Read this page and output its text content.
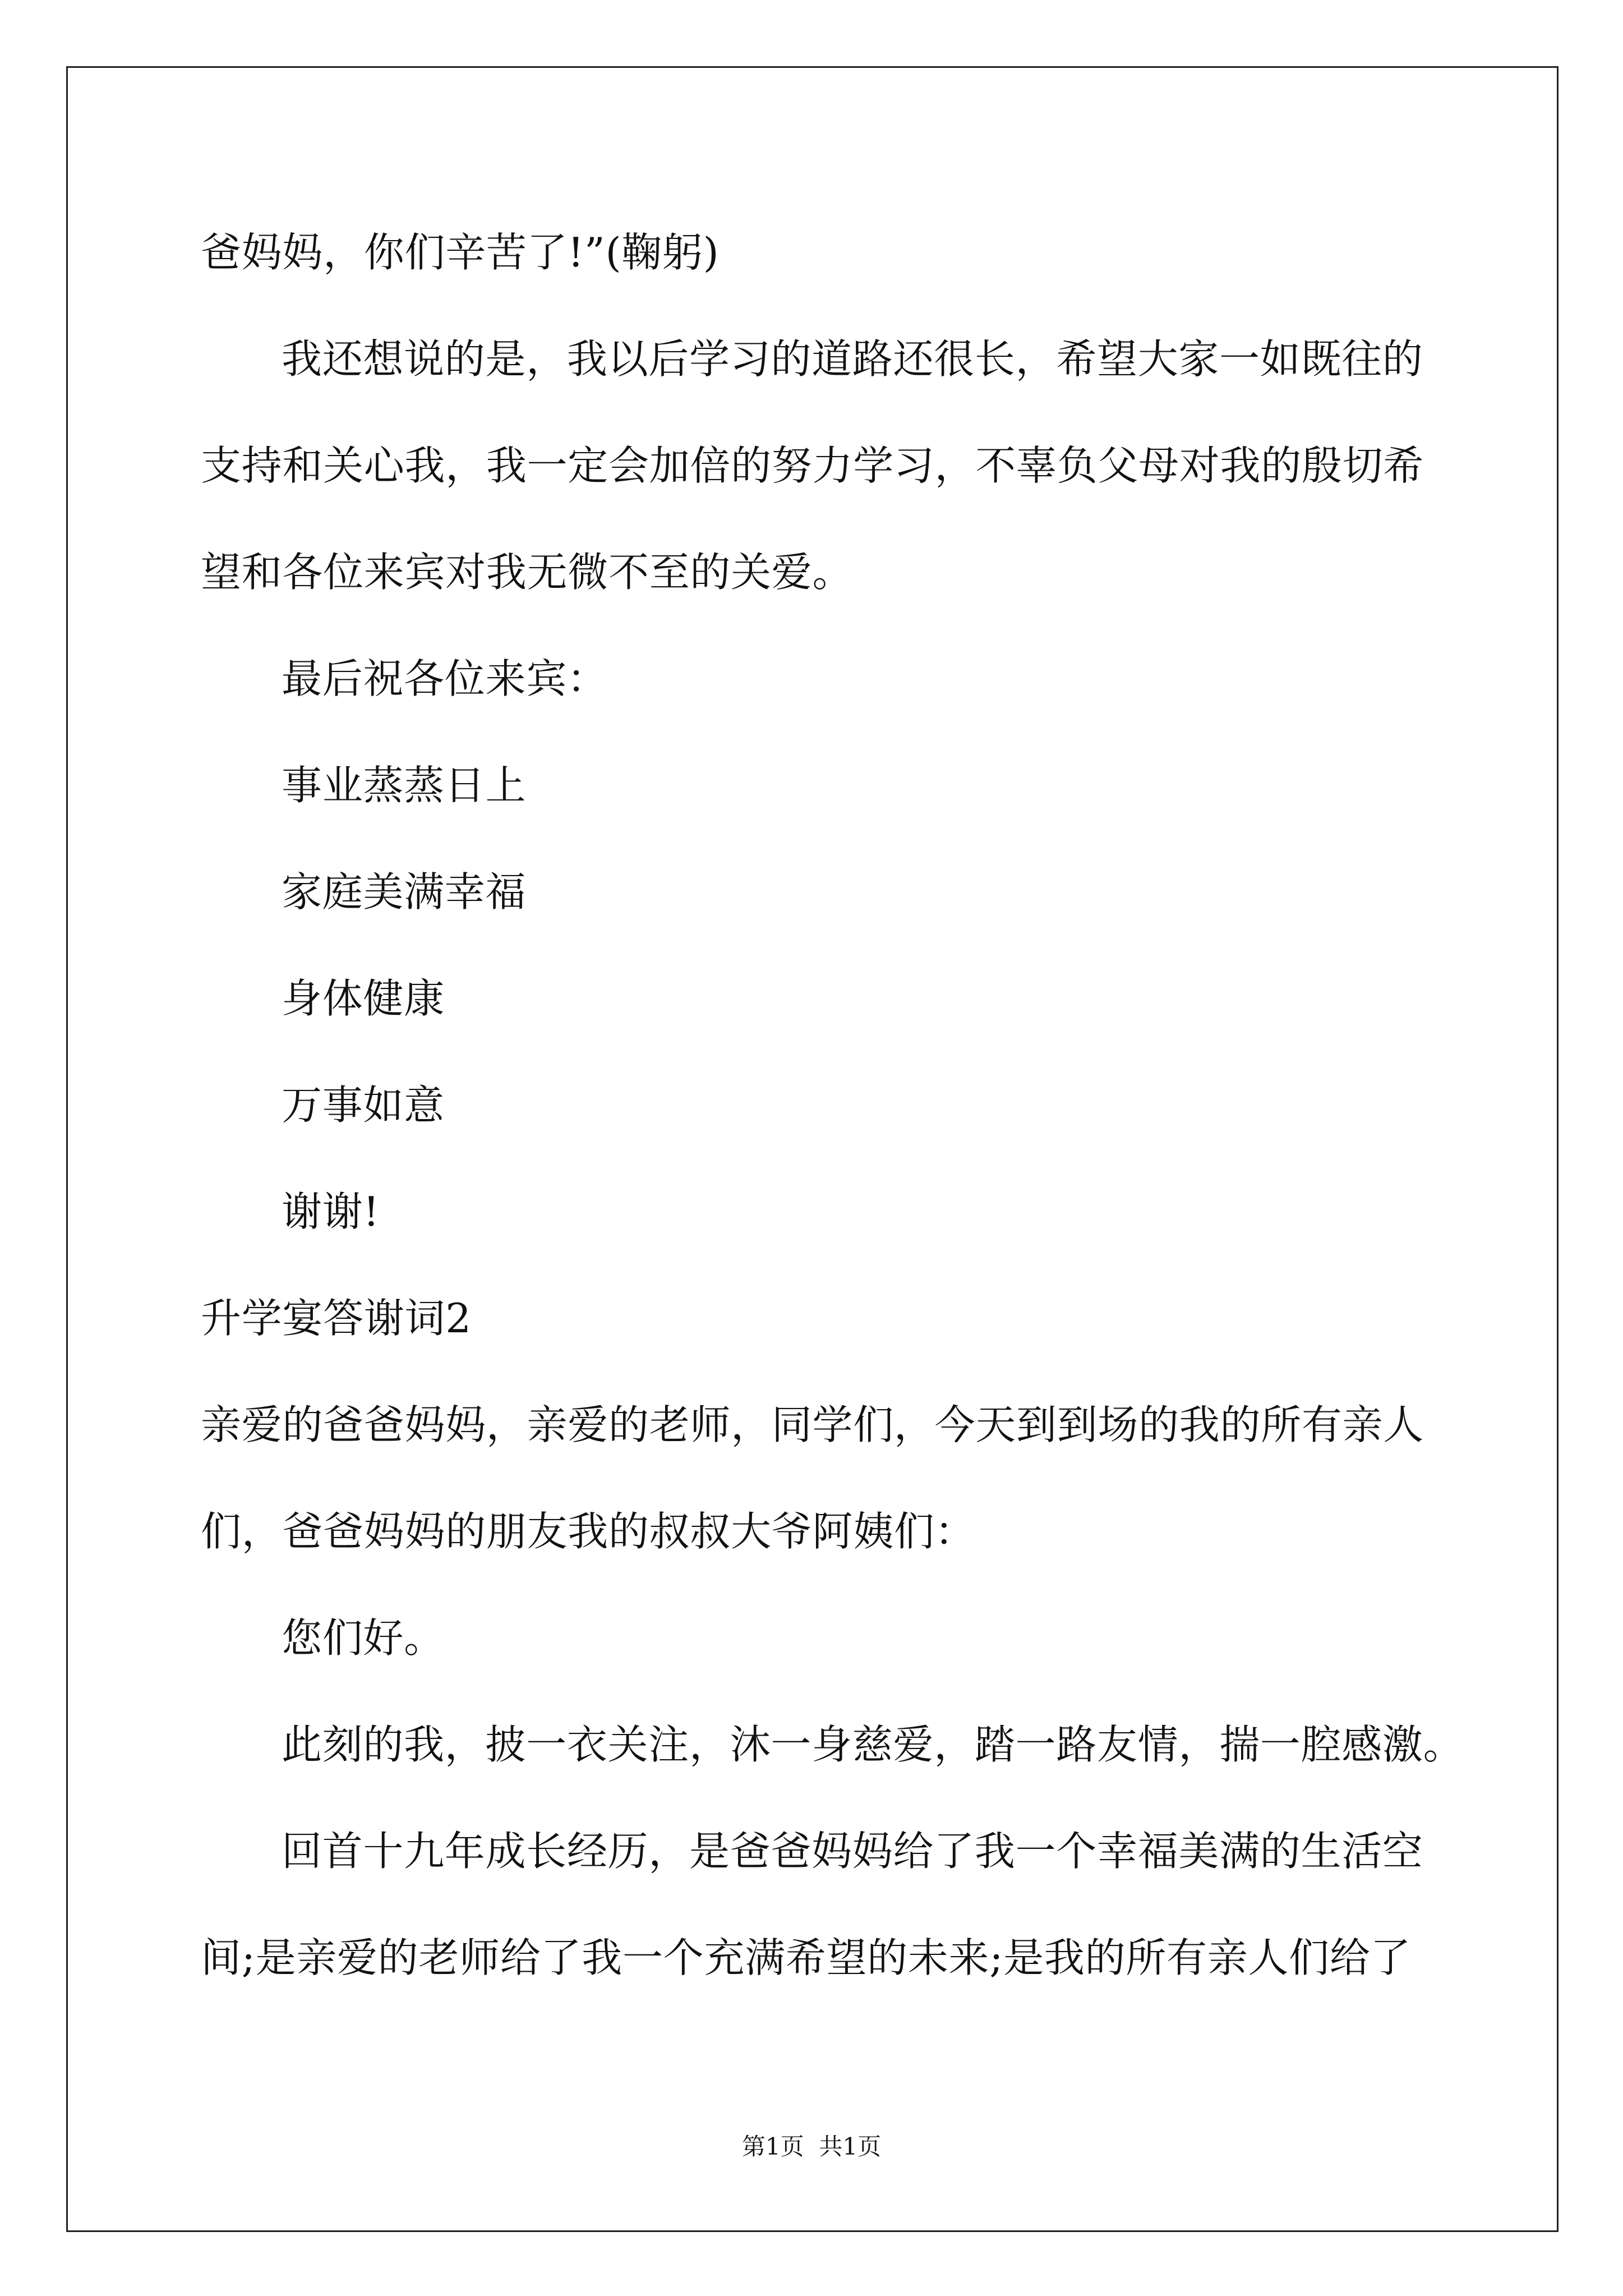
爸妈妈，你们辛苦了!”(鞠躬)
我还想说的是，我以后学习的道路还很长，希望大家一如既往的
支持和关心我，我一定会加倍的努力学习，不辜负父母对我的殷切希
望和各位来宾对我无微不至的关爱。
最后祝各位来宾：
事业蒸蒸日上
家庭美满幸福
身体健康
万事如意
谢谢!
升学宴答谢词2
亲爱的爸爸妈妈，亲爱的老师，同学们，今天到到场的我的所有亲人
们，爸爸妈妈的朋友我的叔叔大爷阿姨们：
您们好。
此刻的我，披一衣关注，沐一身慈爱，踏一路友情，揣一腔感激。
回首十九年成长经历，是爸爸妈妈给了我一个幸福美满的生活空
间;是亲爱的老师给了我一个充满希望的未来;是我的所有亲人们给了
第1页  共1页
